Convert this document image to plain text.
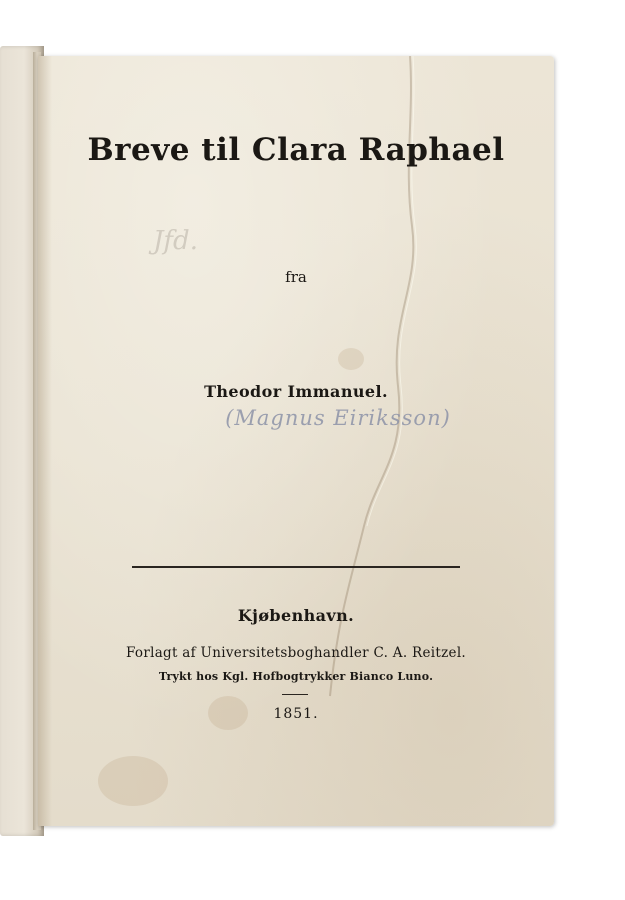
Jfd.
Breve til Clara Raphael
fra
Theodor Immanuel.
(Magnus Eiriksson)
Kjøbenhavn.
Forlagt af Universitetsboghandler C. A. Reitzel.
Trykt hos Kgl. Hofbogtrykker Bianco Luno.
1851.
